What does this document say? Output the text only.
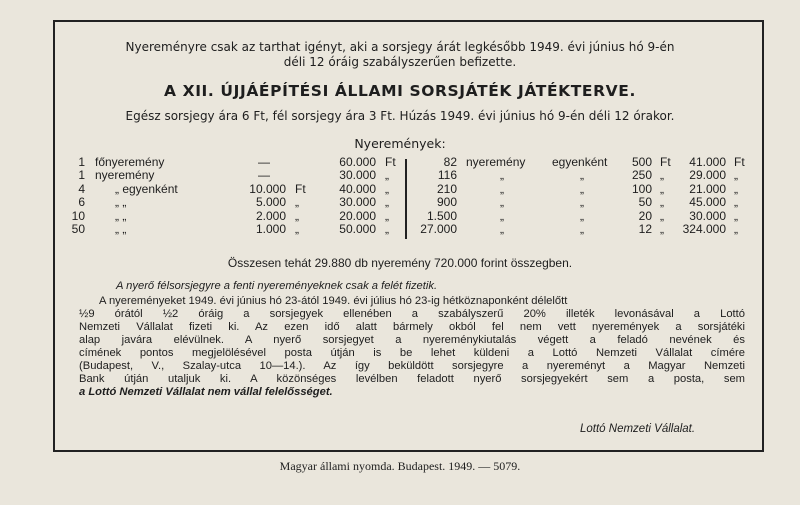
Nyereményre csak az tarthat igényt, aki a sorsjegy árát legkésőbb 1949. évi június hó 9-én
déli 12 óráig szabályszerűen befizette.
A XII. ÚJJÁÉPÍTÉSI ÁLLAMI SORSJÁTÉK JÁTÉKTERVE.
Egész sorsjegy ára 6 Ft, fél sorsjegy ára 3 Ft. Húzás 1949. évi június hó 9-én déli 12 órakor.
Nyeremények:
1 főnyeremény	—	60.000 Ft
1 nyeremény	—	30.000 „
4	„ egyenként	10.000 Ft	40.000 „
6	„ „	5.000 „	30.000 „
10	„ „	2.000 „	20.000 „
50	„ „	1.000 „	50.000 „
82 nyeremény egyenként	500 Ft	41.000 Ft
116	„	„	250 „	29.000 „
210	„	„	100 „	21.000 „
900	„	„	50 „	45.000 „
1.500	„	„	20 „	30.000 „
27.000	„	„	12 „	324.000 „
Összesen tehát 29.880 db nyeremény 720.000 forint összegben.
A nyerő félsorsjegyre a fenti nyereményeknek csak a felét fizetik.
A nyereményeket 1949. évi június hó 23-ától 1949. évi július hó 23-ig hétköznaponként délelőtt
½9 órától ½2 óráig a sorsjegyek ellenében a szabályszerű 20% illeték levonásával a Lottó
Nemzeti Vállalat fizeti ki. Az ezen idő alatt bármely okból fel nem vett nyeremények a sorsjátéki
alap javára elévülnek. A nyerő sorsjegyet a nyereménykiutalás végett a feladó nevének és
címének pontos megjelölésével posta útján is be lehet küldeni a Lottó Nemzeti Vállalat címére
(Budapest, V., Szalay-utca 10—14.). Az így beküldött sorsjegyre a nyereményt a Magyar Nemzeti
Bank útján utaljuk ki. A közönséges levélben feladott nyerő sorsjegyekért sem a posta, sem
a Lottó Nemzeti Vállalat nem vállal felelősséget.
Lottó Nemzeti Vállalat.
Magyar állami nyomda. Budapest. 1949. — 5079.
